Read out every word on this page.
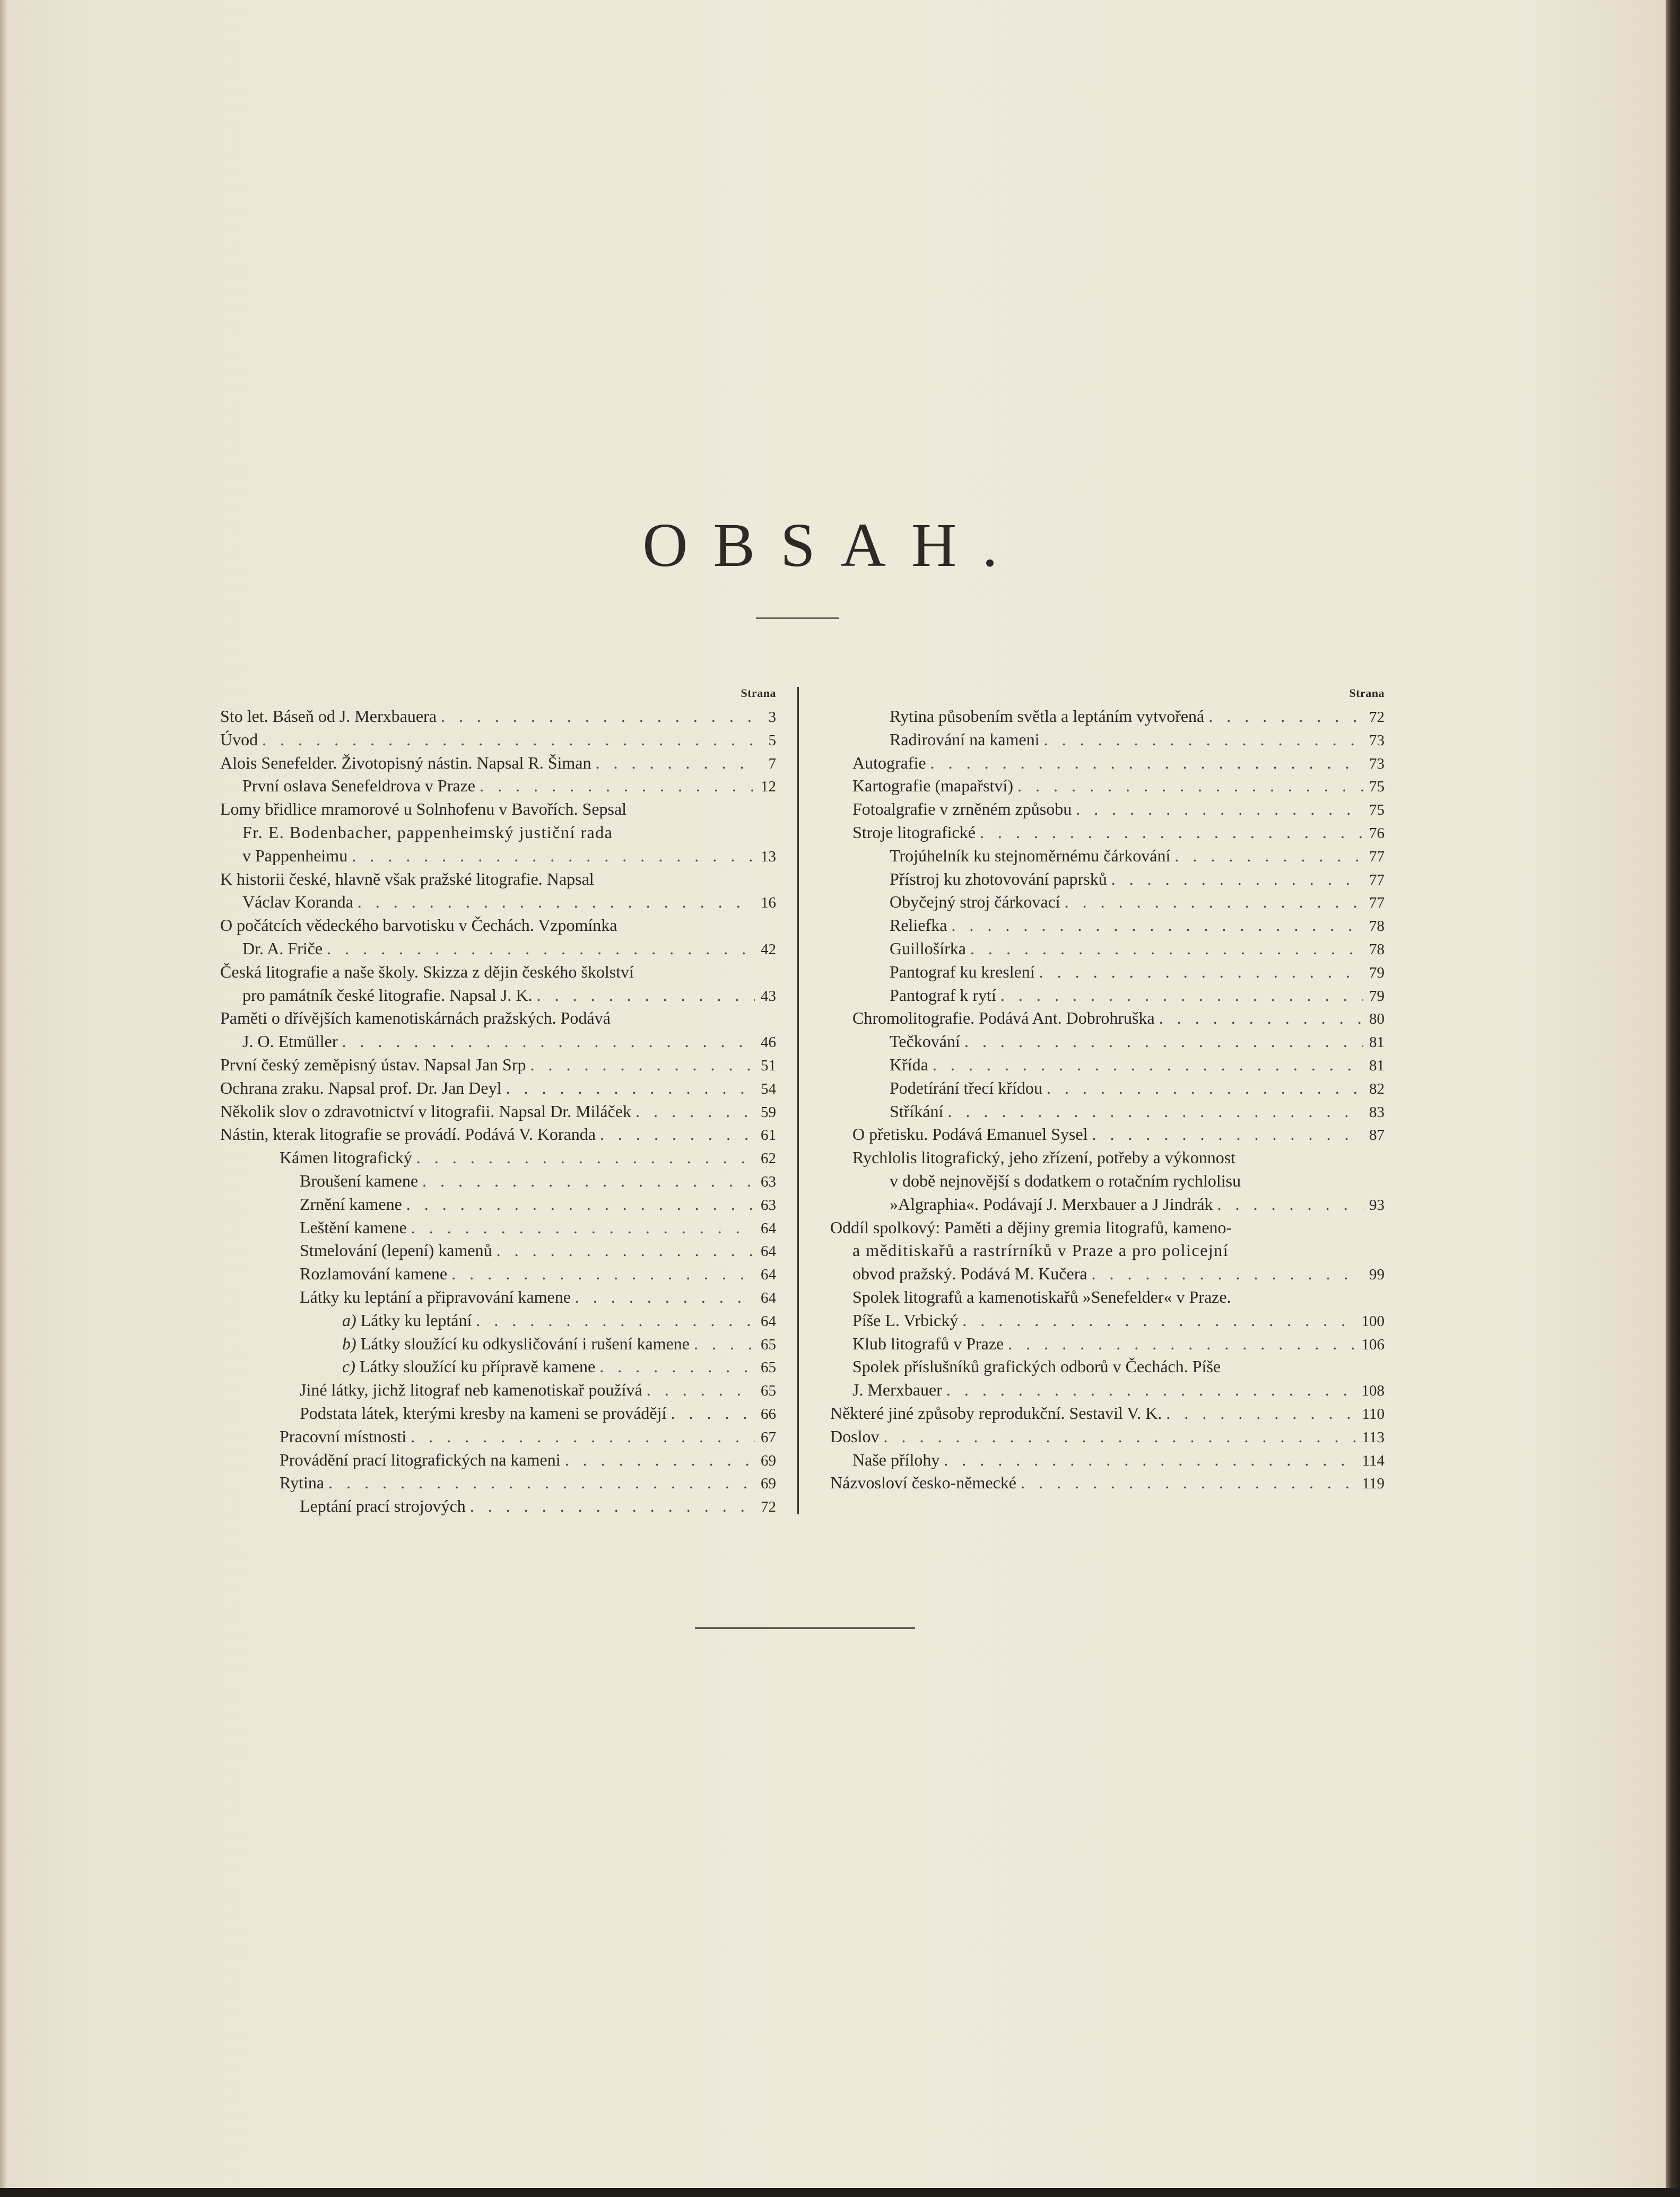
OBSAH.
Strana
Sto let. Báseň od J. Merxbauera . . .	3
Úvod . . .	5
Alois Senefelder. Životopisný nástin. Napsal R. Šiman . . .	7
První oslava Senefeldrova v Praze . . .	12
Lomy břidlice mramorové u Solnhofenu v Bavořích. Sepsal
Fr. E. Bodenbacher, pappenheimský justiční rada
v Pappenheimu . . .	13
K historii české, hlavně však pražské litografie. Napsal
Václav Koranda . . .	16
O počátcích vědeckého barvotisku v Čechách. Vzpomínka
Dr. A. Friče . . .	42
Česká litografie a naše školy. Skizza z dějin českého školství
pro památník české litografie. Napsal J. K. . . .	43
Paměti o dřívějších kamenotiskárnách pražských. Podává
J. O. Etmüller . . .	46
První český zeměpisný ústav. Napsal Jan Srp . . .	51
Ochrana zraku. Napsal prof. Dr. Jan Deyl . . .	54
Několik slov o zdravotnictví v litografii. Napsal Dr. Miláček . . .	59
Nástin, kterak litografie se provádí. Podává V. Koranda . . .	61
Kámen litografický . . .	62
Broušení kamene . . .	63
Zrnění kamene . . .	63
Leštění kamene . . .	64
Stmelování (lepení) kamenů . . .	64
Rozlamování kamene . . .	64
Látky ku leptání a připravování kamene . . .	64
a) Látky ku leptání . . .	64
b) Látky sloužící ku odkysličování i rušení kamene . . .	65
c) Látky sloužící ku přípravě kamene . . .	65
Jiné látky, jichž litograf neb kamenotiskař používá . . .	65
Podstata látek, kterými kresby na kameni se provádějí . . .	66
Pracovní místnosti . . .	67
Provádění prací litografických na kameni . . .	69
Rytina . . .	69
Leptání prací strojových . . .	72
Strana
Rytina působením světla a leptáním vytvořená . . .	72
Radirování na kameni . . .	73
Autografie . . .	73
Kartografie (mapařství) . . .	75
Fotoalgrafie v zrněném způsobu . . .	75
Stroje litografické . . .	76
Trojúhelník ku stejnoměrnému čárkování . . .	77
Přístroj ku zhotovování paprsků . . .	77
Obyčejný stroj čárkovací . . .	77
Reliefka . . .	78
Guillošírka . . .	78
Pantograf ku kreslení . . .	79
Pantograf k rytí . . .	79
Chromolitografie. Podává Ant. Dobrohruška . . .	80
Tečkování . . .	81
Křída . . .	81
Podetírání třecí křídou . . .	82
Stříkání . . .	83
O přetisku. Podává Emanuel Sysel . . .	87
Rychlolis litografický, jeho zřízení, potřeby a výkonnost
v době nejnovější s dodatkem o rotačním rychlolisu
»Algraphia«. Podávají J. Merxbauer a J Jindrák . . .	93
Oddíl spolkový: Paměti a dějiny gremia litografů, kameno-
a měditiskařů a rastrírníků v Praze a pro policejní
obvod pražský. Podává M. Kučera . . .	99
Spolek litografů a kamenotiskařů »Senefelder« v Praze.
Píše L. Vrbický . . .	100
Klub litografů v Praze . . .	106
Spolek příslušníků grafických odborů v Čechách. Píše
J. Merxbauer . . .	108
Některé jiné způsoby reprodukční. Sestavil V. K. . . .	110
Doslov . . .	113
Naše přílohy . . .	114
Názvosloví česko-německé . . .	119
